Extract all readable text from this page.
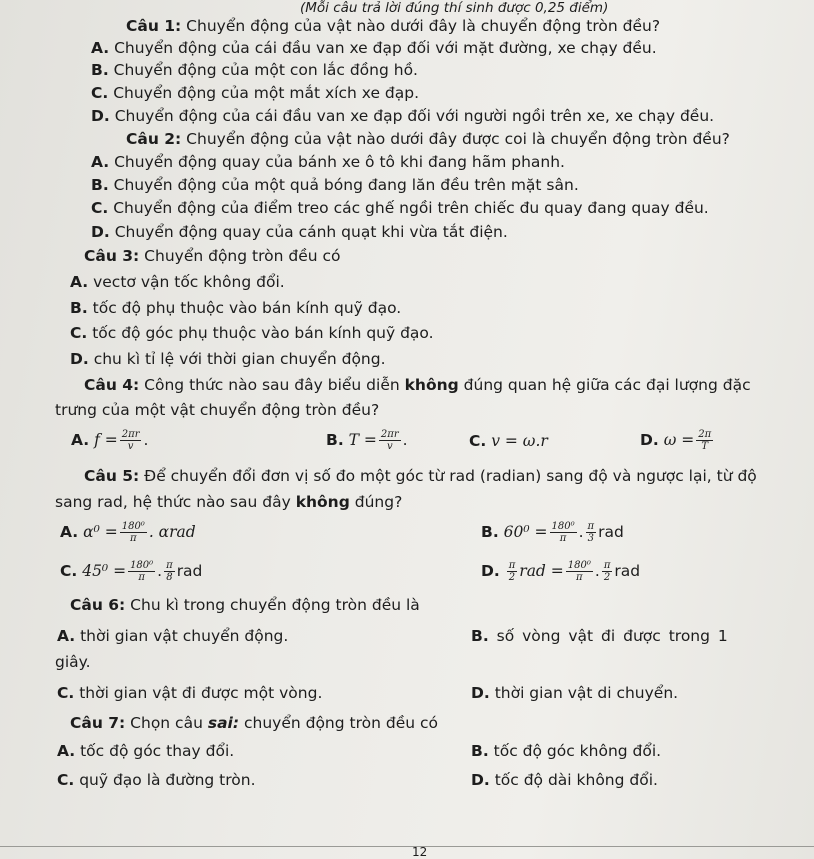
(Mỗi câu trả lời đúng thí sinh được 0,25 điểm)
Câu 1: Chuyển động của vật nào dưới đây là chuyển động tròn đều?
A. Chuyển động của cái đầu van xe đạp đối với mặt đường, xe chạy đều.
B. Chuyển động của một con lắc đồng hồ.
C. Chuyển động của một mắt xích xe đạp.
D. Chuyển động của cái đầu van xe đạp đối với người ngồi trên xe, xe chạy đều.
Câu 2: Chuyển động của vật nào dưới đây được coi là chuyển động tròn đều?
A. Chuyển động quay của bánh xe ô tô khi đang hãm phanh.
B. Chuyển động của một quả bóng đang lăn đều trên mặt sân.
C. Chuyển động của điểm treo các ghế ngồi trên chiếc đu quay đang quay đều.
D. Chuyển động quay của cánh quạt khi vừa tắt điện.
Câu 3: Chuyển động tròn đều có
A. vectơ vận tốc không đổi.
B. tốc độ phụ thuộc vào bán kính quỹ đạo.
C. tốc độ góc phụ thuộc vào bán kính quỹ đạo.
D. chu kì tỉ lệ với thời gian chuyển động.
Câu 4: Công thức nào sau đây biểu diễn không đúng quan hệ giữa các đại lượng đặc
trưng của một vật chuyển động tròn đều?
A. $f = \frac{2\pi r}{v}$ .	B. $T = \frac{2\pi r}{v}$ .	C. v = ω.r	D. $\omega = \frac{2\pi}{T}$
Câu 5: Để chuyển đổi đơn vị số đo một góc từ rad (radian) sang độ và ngược lại, từ độ
sang rad, hệ thức nào sau đây không đúng?
A. $\alpha^0 = \frac{\text{180⁰}}{\pi}$ . αrad	B. $60^0 = \frac{\text{180⁰}}{\pi}$ . $\frac{\pi}{3}$ rad
C. $45^0 = \frac{\text{180⁰}}{\pi}$ . $\frac{\pi}{8}$ rad	D. $\frac{\pi}{2}$ rad = $\frac{\text{180⁰}}{\pi}$ . $\frac{\pi}{2}$ rad
Câu 6: Chu kì trong chuyển động tròn đều là
A. thời gian vật chuyển động.	B. số vòng vật đi được trong 1
giây.
C. thời gian vật đi được một vòng.	D. thời gian vật di chuyển.
Câu 7: Chọn câu sai: chuyển động tròn đều có
A. tốc độ góc thay đổi.	B. tốc độ góc không đổi.
C. quỹ đạo là đường tròn.	D. tốc độ dài không đổi.
12
